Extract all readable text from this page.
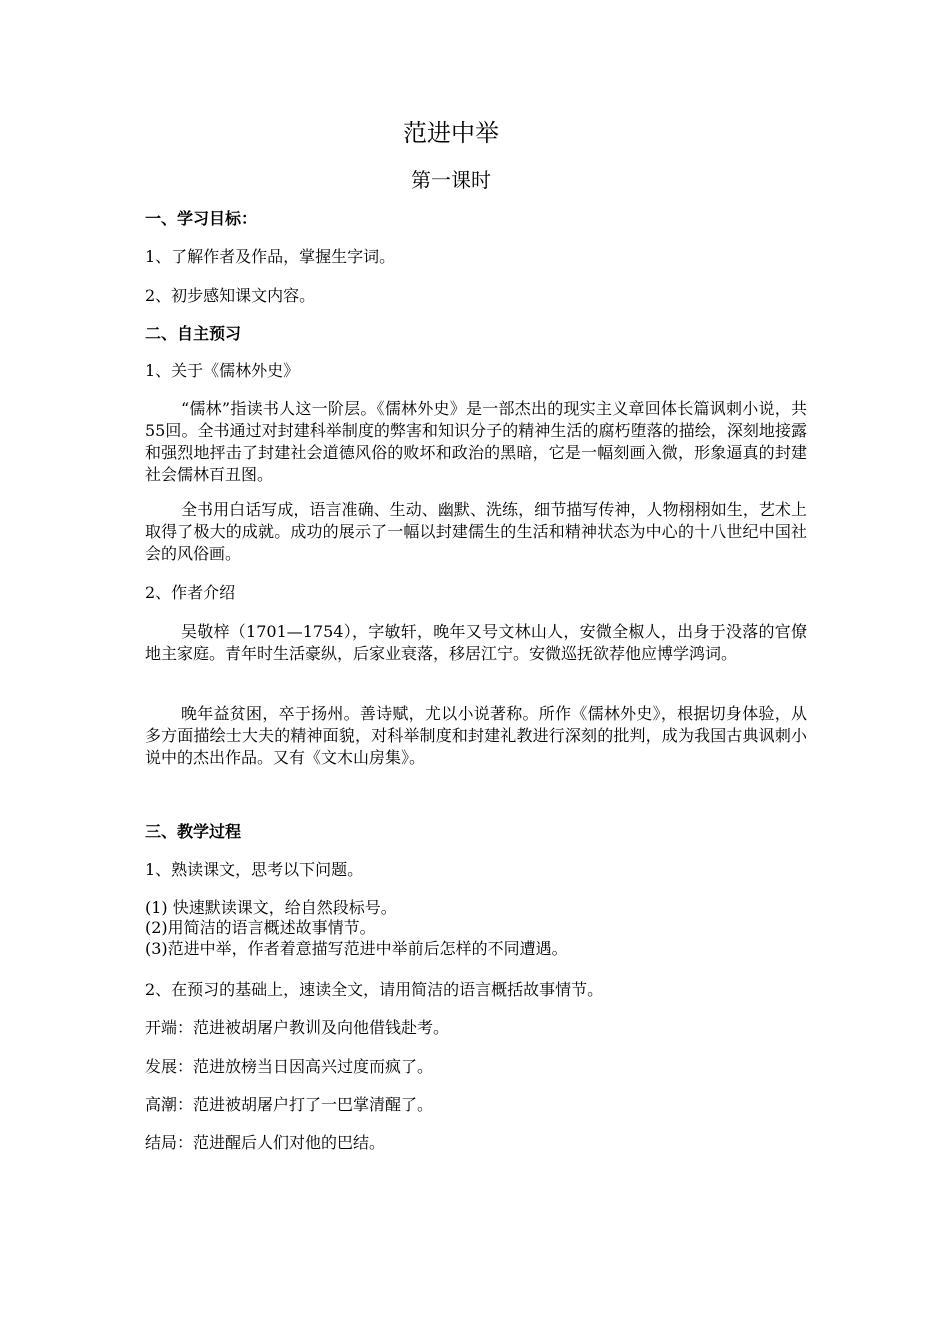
范进中举
第一课时
一、学习目标：
1、了解作者及作品，掌握生字词。
2、初步感知课文内容。
二、自主预习
1、关于《儒林外史》
“儒林”指读书人这一阶层。《儒林外史》是一部杰出的现实主义章回体长篇讽刺小说，共55回。全书通过对封建科举制度的弊害和知识分子的精神生活的腐朽堕落的描绘，深刻地接露和强烈地抨击了封建社会道德风俗的败坏和政治的黑暗，它是一幅刻画入微，形象逼真的封建社会儒林百丑图。
全书用白话写成，语言准确、生动、幽默、洗练，细节描写传神，人物栩栩如生，艺术上取得了极大的成就。成功的展示了一幅以封建儒生的生活和精神状态为中心的十八世纪中国社会的风俗画。
2、作者介绍
吴敬梓（1701—1754），字敏轩，晚年又号文林山人，安微全椒人，出身于没落的官僚地主家庭。青年时生活豪纵，后家业衰落，移居江宁。安微巡抚欲荐他应博学鸿词。
晚年益贫困，卒于扬州。善诗赋，尤以小说著称。所作《儒林外史》，根据切身体验，从多方面描绘士大夫的精神面貌，对科举制度和封建礼教进行深刻的批判，成为我国古典讽刺小说中的杰出作品。又有《文木山房集》。
三、教学过程
1、熟读课文，思考以下问题。
(1) 快速默读课文，给自然段标号。
(2)用简洁的语言概述故事情节。
(3)范进中举，作者着意描写范进中举前后怎样的不同遭遇。
2、在预习的基础上，速读全文，请用简洁的语言概括故事情节。
开端：范进被胡屠户教训及向他借钱赴考。
发展：范进放榜当日因高兴过度而疯了。
高潮：范进被胡屠户打了一巴掌清醒了。
结局：范进醒后人们对他的巴结。
